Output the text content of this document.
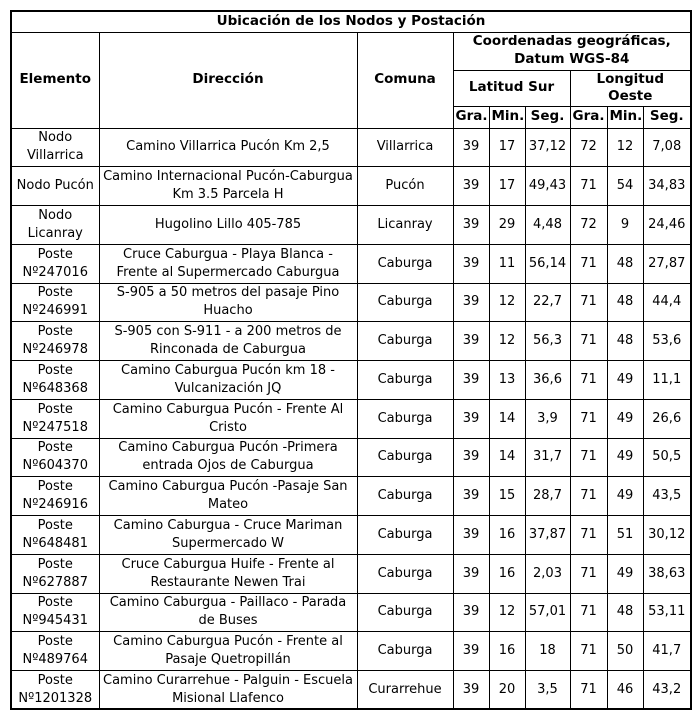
Ubicación de los Nodos y Postación								
Elemento	Dirección	Comuna	Coordenadas geográficas, Datum WGS-84					
			Latitud Sur			Longitud Oeste		
			Gra.	Min.	Seg.	Gra.	Min.	Seg.
Nodo Villarrica	Camino Villarrica Pucón Km 2,5	Villarrica	39	17	37,12	72	12	7,08
Nodo Pucón	Camino Internacional Pucón-Caburgua Km 3.5 Parcela H	Pucón	39	17	49,43	71	54	34,83
Nodo Licanray	Hugolino Lillo 405-785	Licanray	39	29	4,48	72	9	24,46
Poste Nº247016	Cruce Caburgua - Playa Blanca - Frente al Supermercado Caburgua	Caburga	39	11	56,14	71	48	27,87
Poste Nº246991	S-905 a 50 metros del pasaje Pino Huacho	Caburga	39	12	22,7	71	48	44,4
Poste Nº246978	S-905 con S-911 - a 200 metros de Rinconada de Caburgua	Caburga	39	12	56,3	71	48	53,6
Poste Nº648368	Camino Caburgua Pucón km 18 - Vulcanización JQ	Caburga	39	13	36,6	71	49	11,1
Poste Nº247518	Camino Caburgua Pucón - Frente Al Cristo	Caburga	39	14	3,9	71	49	26,6
Poste Nº604370	Camino Caburgua Pucón -Primera entrada Ojos de Caburgua	Caburga	39	14	31,7	71	49	50,5
Poste Nº246916	Camino Caburgua Pucón -Pasaje San Mateo	Caburga	39	15	28,7	71	49	43,5
Poste Nº648481	Camino Caburgua - Cruce Mariman Supermercado W	Caburga	39	16	37,87	71	51	30,12
Poste Nº627887	Cruce Caburgua Huife - Frente al Restaurante Newen Trai	Caburga	39	16	2,03	71	49	38,63
Poste Nº945431	Camino Caburgua - Paillaco - Parada de Buses	Caburga	39	12	57,01	71	48	53,11
Poste Nº489764	Camino Caburgua Pucón - Frente al Pasaje Quetropillán	Caburga	39	16	18	71	50	41,7
Poste Nº1201328	Camino Curarrehue - Palguin - Escuela Misional Llafenco	Curarrehue	39	20	3,5	71	46	43,2
